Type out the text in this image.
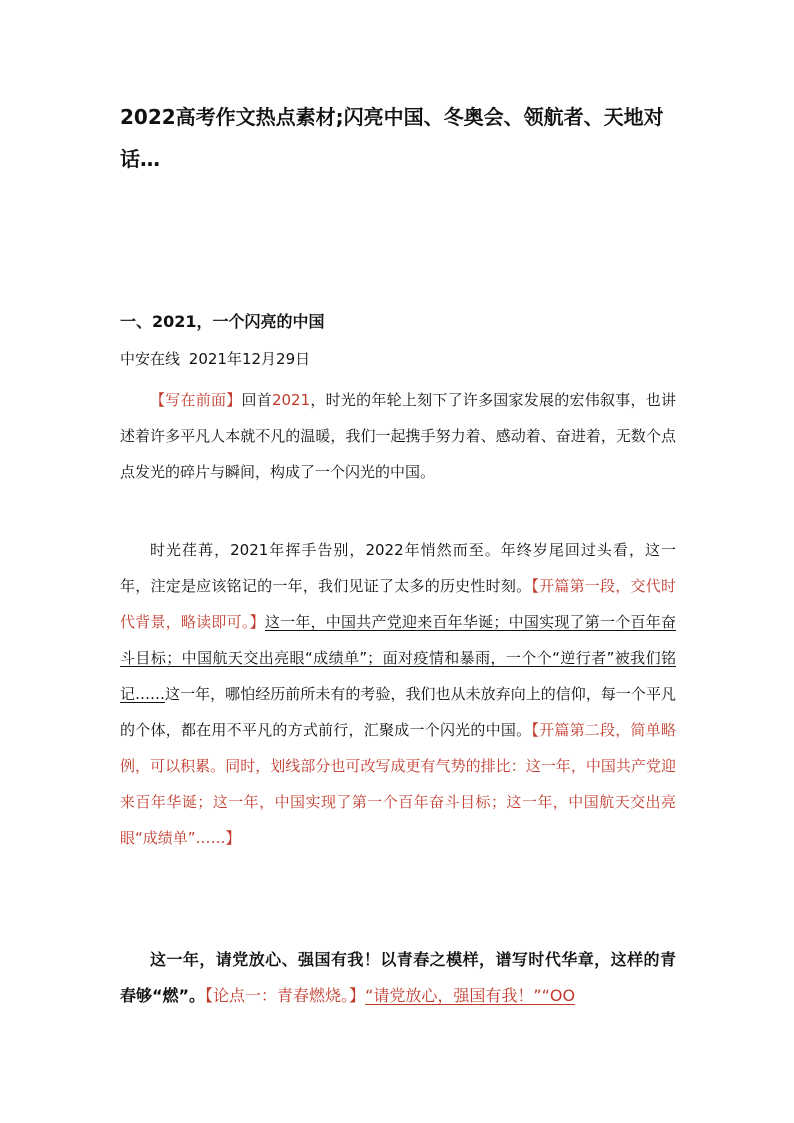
2022高考作文热点素材;闪亮中国、冬奥会、领航者、天地对话…
一、2021，一个闪亮的中国

中安在线 2021年12月29日

【写在前面】回首2021，时光的年轮上刻下了许多国家发展的宏伟叙事，也讲述着许多平凡人本就不凡的温暖，我们一起携手努力着、感动着、奋进着，无数个点点发光的碎片与瞬间，构成了一个闪光的中国。

时光荏苒，2021年挥手告别，2022年悄然而至。年终岁尾回过头看，这一年，注定是应该铭记的一年，我们见证了太多的历史性时刻。【开篇第一段，交代时代背景，略读即可。】这一年，中国共产党迎来百年华诞；中国实现了第一个百年奋斗目标；中国航天交出亮眼“成绩单”；面对疫情和暴雨，一个个“逆行者”被我们铭记……这一年，哪怕经历前所未有的考验，我们也从未放弃向上的信仰，每一个平凡的个体，都在用不平凡的方式前行，汇聚成一个闪光的中国。【开篇第二段，简单略例，可以积累。同时，划线部分也可改写成更有气势的排比：这一年，中国共产党迎来百年华诞；这一年，中国实现了第一个百年奋斗目标；这一年，中国航天交出亮眼“成绩单”……】

这一年，请党放心、强国有我！以青春之模样，谱写时代华章，这样的青春够“燃”。【论点一：青春燃烧。】“请党放心，强国有我！”“OO
